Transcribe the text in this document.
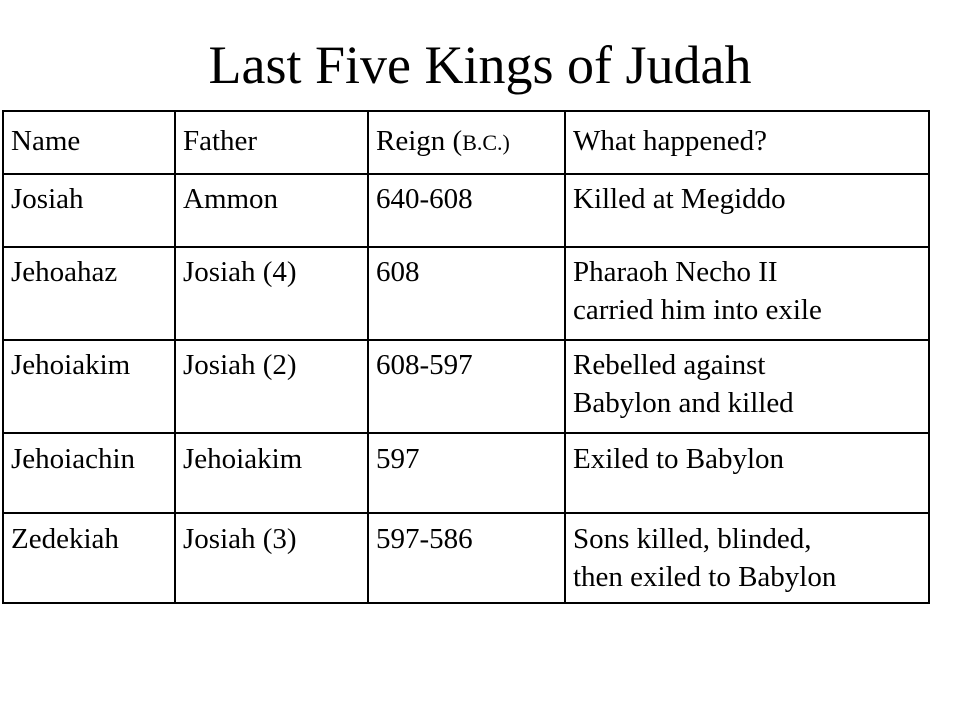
Last Five Kings of Judah
Name	Father	Reign (B.C.)	What happened?
Josiah	Ammon	640-608	Killed at Megiddo

Jehoahaz	Josiah (4)	608	Pharaoh Necho II
carried him into exile

Jehoiakim	Josiah (2)	608-597	Rebelled against
Babylon and killed

Jehoiachin	Jehoiakim	597	Exiled to Babylon

Zedekiah	Josiah (3)	597-586	Sons killed, blinded,
then exiled to Babylon
